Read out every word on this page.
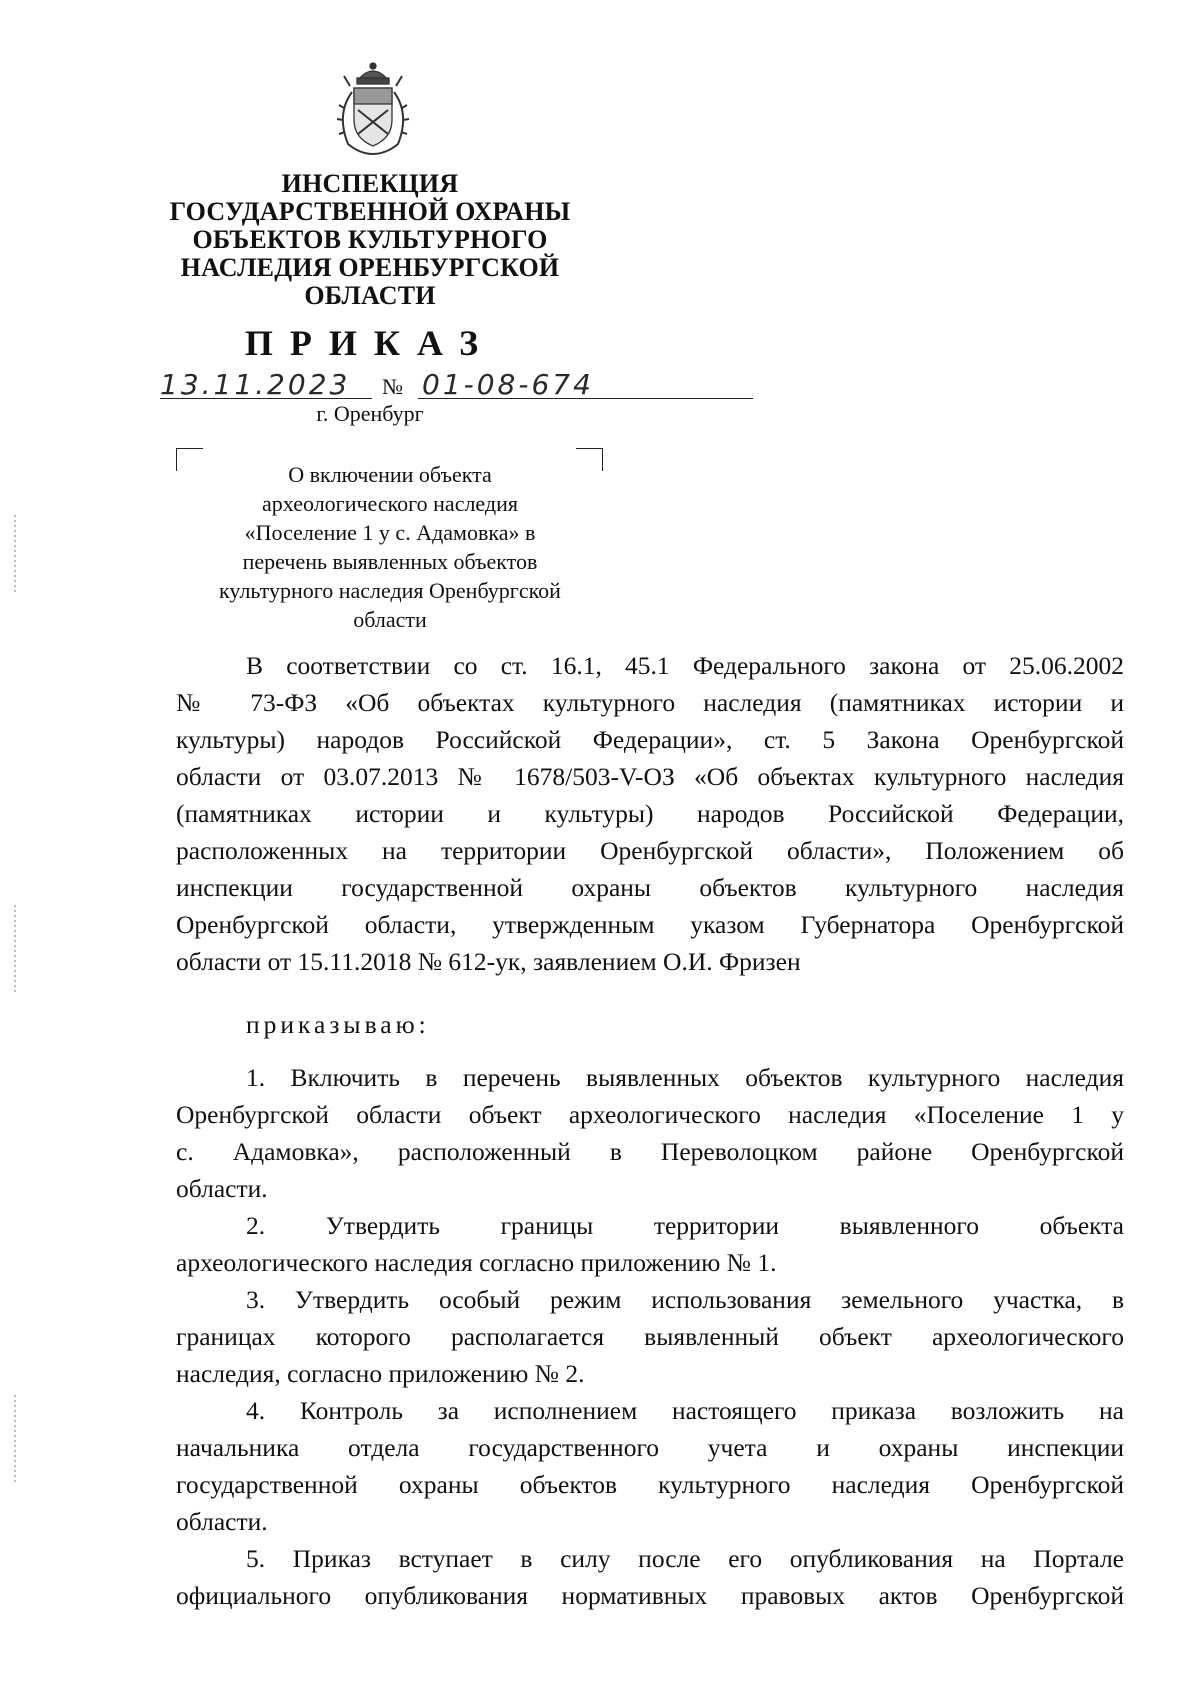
ИНСПЕКЦИЯ
ГОСУДАРСТВЕННОЙ ОХРАНЫ
ОБЪЕКТОВ КУЛЬТУРНОГО
НАСЛЕДИЯ ОРЕНБУРГСКОЙ
ОБЛАСТИ
ПРИКАЗ
13.11.2023 № 01-08-674
г. Оренбург
О включении объекта
археологического наследия
«Поселение 1 у с. Адамовка» в
перечень выявленных объектов
культурного наследия Оренбургской
области
В соответствии со ст. 16.1, 45.1 Федерального закона от 25.06.2002
№ 73-ФЗ «Об объектах культурного наследия (памятниках истории и
культуры) народов Российской Федерации», ст. 5 Закона Оренбургской
области от 03.07.2013 № 1678/503-V-ОЗ «Об объектах культурного наследия
(памятниках истории и культуры) народов Российской Федерации,
расположенных на территории Оренбургской области», Положением об
инспекции государственной охраны объектов культурного наследия
Оренбургской области, утвержденным указом Губернатора Оренбургской
области от 15.11.2018 № 612-ук, заявлением О.И. Фризен
приказываю:
1. Включить в перечень выявленных объектов культурного наследия
Оренбургской области объект археологического наследия «Поселение 1 у
с. Адамовка», расположенный в Переволоцком районе Оренбургской
области.
2. Утвердить границы территории выявленного объекта
археологического наследия согласно приложению № 1.
3. Утвердить особый режим использования земельного участка, в
границах которого располагается выявленный объект археологического
наследия, согласно приложению № 2.
4. Контроль за исполнением настоящего приказа возложить на
начальника отдела государственного учета и охраны инспекции
государственной охраны объектов культурного наследия Оренбургской
области.
5. Приказ вступает в силу после его опубликования на Портале
официального опубликования нормативных правовых актов Оренбургской
